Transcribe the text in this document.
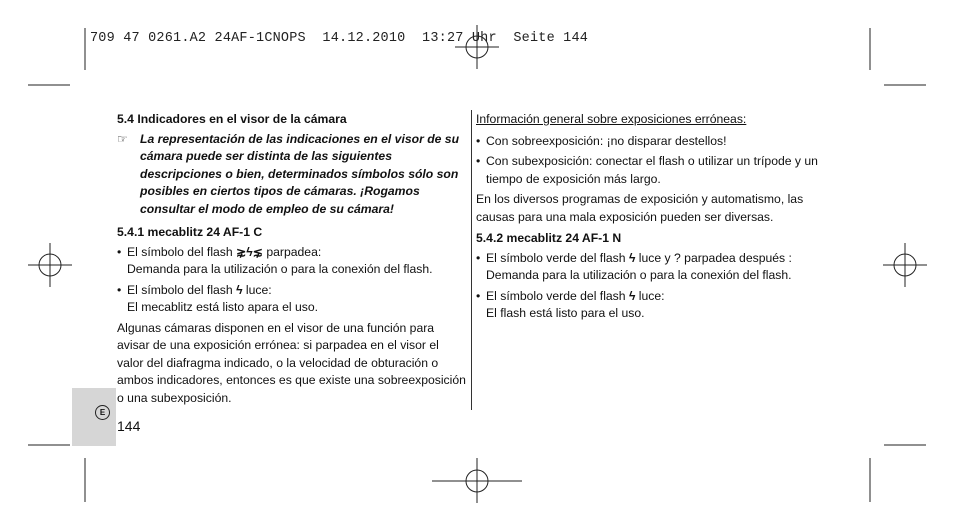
709 47 0261.A2 24AF-1CNOPS  14.12.2010  13:27 Uhr  Seite 144
5.4 Indicadores en el visor de la cámara
☞ La representación de las indicaciones en el visor de su cámara puede ser distinta de las siguientes descripciones o bien, determinados símbolos sólo son posibles en ciertos tipos de cámaras. ¡Rogamos consultar el modo de empleo de su cámara!
5.4.1 mecablitz 24 AF-1 C
• El símbolo del flash ⋧ϟ⋦ parpadea:
Demanda para la utilización o para la conexión del flash.
• El símbolo del flash ϟ luce:
El mecablitz está listo apara el uso.
Algunas cámaras disponen en el visor de una función para avisar de una exposición errónea: si parpadea en el visor el valor del diafragma indicado, o la velocidad de obturación o ambos indicadores, entonces es que existe una sobreexposición o una subexposición.
Información general sobre exposiciones erróneas:
• Con sobreexposición: ¡no disparar destellos!
• Con subexposición: conectar el flash o utilizar un trípode y un tiempo de exposición más largo.
En los diversos programas de exposición y automatismo, las causas para una mala exposición pueden ser diversas.
5.4.2 mecablitz 24 AF-1 N
• El símbolo verde del flash ϟ luce y ? parpadea después :
Demanda para la utilización o para la conexión del flash.
• El símbolo verde del flash ϟ luce:
El flash está listo para el uso.
E
144
